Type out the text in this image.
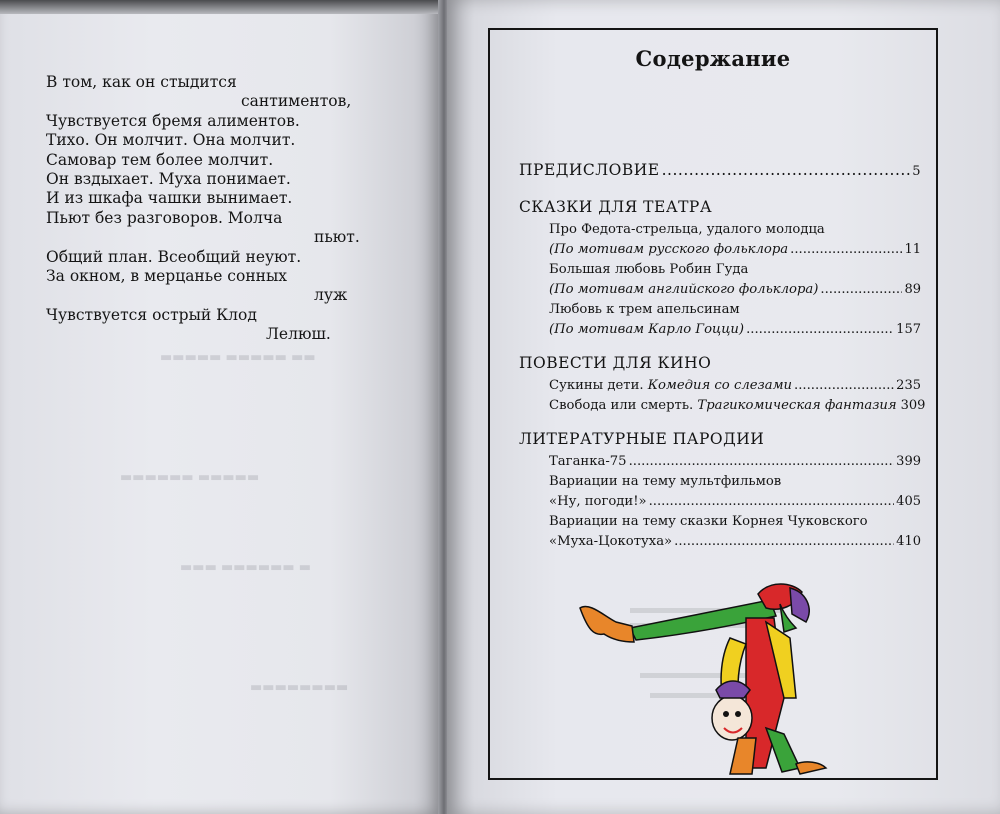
▬▬▬▬▬ ▬▬▬▬▬ ▬▬
▬▬▬▬▬▬ ▬▬▬▬▬
▬▬▬ ▬▬▬▬▬▬ ▬
▬▬▬▬▬▬▬▬
В том, как он стыдится
сантиментов,
Чувствуется бремя алиментов.
Тихо. Он молчит. Она молчит.
Самовар тем более молчит.
Он вздыхает. Муха понимает.
И из шкафа чашки вынимает.
Пьют без разговоров. Молча
пьют.
Общий план. Всеобщий неуют.
За окном, в мерцанье сонных
луж
Чувствуется острый Клод
Лелюш.
Содержание
ПРЕДИСЛОВИЕ .....	5
СКАЗКИ ДЛЯ ТЕАТРА
Про Федота-стрельца, удалого молодца
(По мотивам русского фольклора .....	11
Большая любовь Робин Гуда
(По мотивам английского фольклора) .....	89
Любовь к трем апельсинам
(По мотивам Карло Гоцци) .....	157
ПОВЕСТИ ДЛЯ КИНО
Сукины дети.
Комедия со слезами .....	235
Свобода или смерть.
Трагикомическая фантазия 309
ЛИТЕРАТУРНЫЕ ПАРОДИИ
Таганка-75 .....	399
Вариации на тему мультфильмов
«Ну, погоди!» .....	405
Вариации на тему сказки Корнея Чуковского
«Муха-Цокотуха» .....	410
